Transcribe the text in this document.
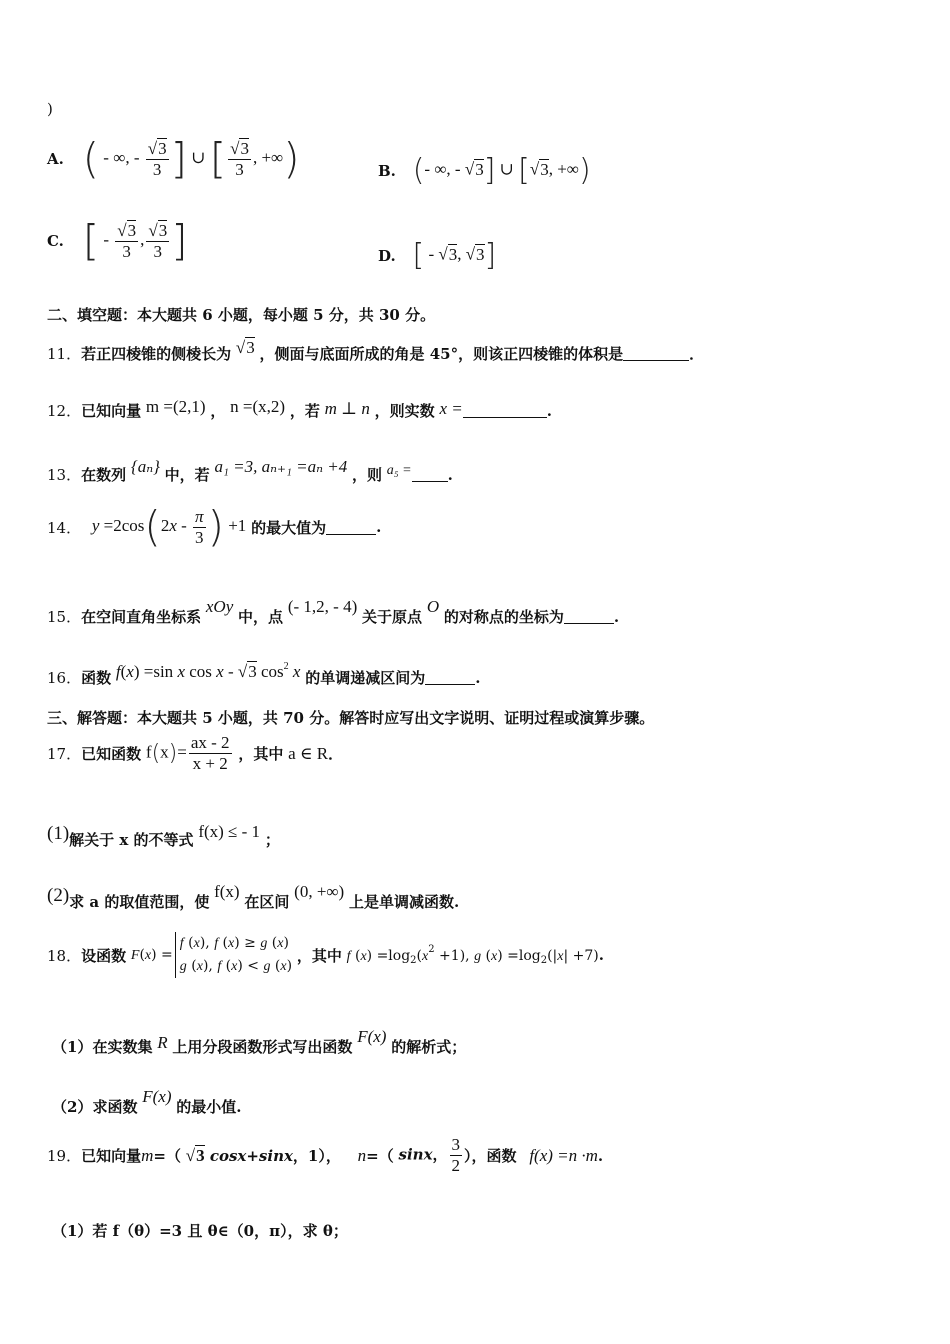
)
A. ( - ∞, - $\frac{√3}{3}$ ] ∪ [ $\frac{√3}{3}$ , +∞)	B. (- ∞, - √3] ∪ [√3, +∞)
C. [ - $\frac{√3}{3}$ , $\frac{√3}{3}$ ]	D. [ - √3, √3]
二、填空题：本大题共 6 小题，每小题 5 分，共 30 分。
11．若正四棱锥的侧棱长为 √3 ，侧面与底面所成的角是 45°，则该正四棱锥的体积是	．
12．已知向量 m =(2,1) ， n =(x,2) ，若 m ⊥ n ，则实数 x =	.
13．在数列 {aₙ} 中，若 a₁ =3, aₙ₊₁ =aₙ +4 ，则 a₅ = .
14． $y =2\cos(2x - \frac{\pi}{3}$ ) +1 的最大值为	.
15．在空间直角坐标系 xOy 中，点 (- 1,2, - 4) 关于原点 O 的对称点的坐标为	.
16．函数 f(x) =sin x cos x - √3 $\cos^2 x$ 的单调递减区间为	.
三、解答题：本大题共 5 小题，共 70 分。解答时应写出文字说明、证明过程或演算步骤。
17．已知函数 $f(x)= \frac{ax - 2}{x + 2}$ ，其中 a ∈ R．
(1)解关于 x 的不等式 f(x) ≤ - 1 ；
(2)求 a 的取值范围，使 f(x) 在区间 (0, +∞) 上是单调减函数.
18．设函数 F(x) =
f (x), f (x) ≥ g (x)
g (x), f (x) < g (x)
，其中 f $(x) =\log_2(x^2 +1)$, g $(x) =\log_2(|x| +7)$.
（1）在实数集 R 上用分段函数形式写出函数 F(x) 的解析式；
（2）求函数 F(x) 的最小值.
19．已知向量m=（ √3 cosx+sinx，1）， n=（ sinx， $\frac{3}{2}$ ），函数 f(x) =n ·m.
（1）若 f（θ）=3 且 θ∈（0，π），求 θ；
